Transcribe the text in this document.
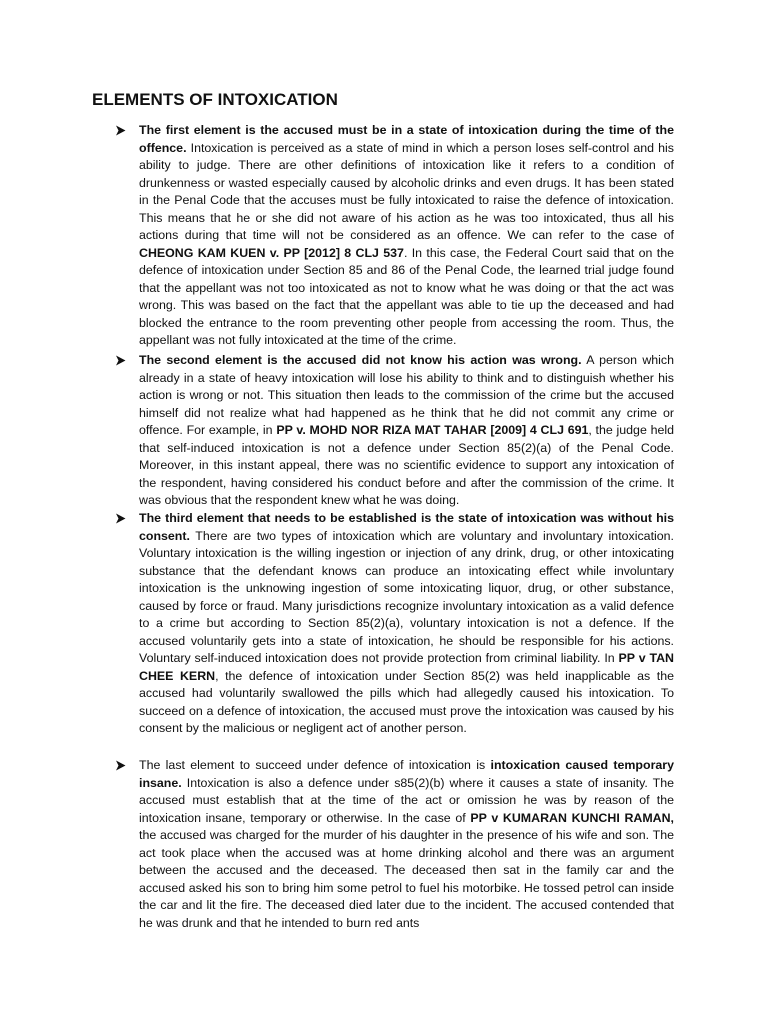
ELEMENTS OF INTOXICATION

The first element is the accused must be in a state of intoxication during the time of the offence. Intoxication is perceived as a state of mind in which a person loses self-control and his ability to judge. There are other definitions of intoxication like it refers to a condition of drunkenness or wasted especially caused by alcoholic drinks and even drugs. It has been stated in the Penal Code that the accuses must be fully intoxicated to raise the defence of intoxication. This means that he or she did not aware of his action as he was too intoxicated, thus all his actions during that time will not be considered as an offence. We can refer to the case of CHEONG KAM KUEN v. PP [2012] 8 CLJ 537. In this case, the Federal Court said that on the defence of intoxication under Section 85 and 86 of the Penal Code, the learned trial judge found that the appellant was not too intoxicated as not to know what he was doing or that the act was wrong. This was based on the fact that the appellant was able to tie up the deceased and had blocked the entrance to the room preventing other people from accessing the room. Thus, the appellant was not fully intoxicated at the time of the crime.

The second element is the accused did not know his action was wrong. A person which already in a state of heavy intoxication will lose his ability to think and to distinguish whether his action is wrong or not. This situation then leads to the commission of the crime but the accused himself did not realize what had happened as he think that he did not commit any crime or offence. For example, in PP v. MOHD NOR RIZA MAT TAHAR [2009] 4 CLJ 691, the judge held that self-induced intoxication is not a defence under Section 85(2)(a) of the Penal Code. Moreover, in this instant appeal, there was no scientific evidence to support any intoxication of the respondent, having considered his conduct before and after the commission of the crime. It was obvious that the respondent knew what he was doing.

The third element that needs to be established is the state of intoxication was without his consent. There are two types of intoxication which are voluntary and involuntary intoxication. Voluntary intoxication is the willing ingestion or injection of any drink, drug, or other intoxicating substance that the defendant knows can produce an intoxicating effect while involuntary intoxication is the unknowing ingestion of some intoxicating liquor, drug, or other substance, caused by force or fraud. Many jurisdictions recognize involuntary intoxication as a valid defence to a crime but according to Section 85(2)(a), voluntary intoxication is not a defence. If the accused voluntarily gets into a state of intoxication, he should be responsible for his actions. Voluntary self-induced intoxication does not provide protection from criminal liability. In PP v TAN CHEE KERN, the defence of intoxication under Section 85(2) was held inapplicable as the accused had voluntarily swallowed the pills which had allegedly caused his intoxication. To succeed on a defence of intoxication, the accused must prove the intoxication was caused by his consent by the malicious or negligent act of another person.

The last element to succeed under defence of intoxication is intoxication caused temporary insane. Intoxication is also a defence under s85(2)(b) where it causes a state of insanity. The accused must establish that at the time of the act or omission he was by reason of the intoxication insane, temporary or otherwise. In the case of PP v KUMARAN KUNCHI RAMAN, the accused was charged for the murder of his daughter in the presence of his wife and son. The act took place when the accused was at home drinking alcohol and there was an argument between the accused and the deceased. The deceased then sat in the family car and the accused asked his son to bring him some petrol to fuel his motorbike. He tossed petrol can inside the car and lit the fire. The deceased died later due to the incident. The accused contended that he was drunk and that he intended to burn red ants
